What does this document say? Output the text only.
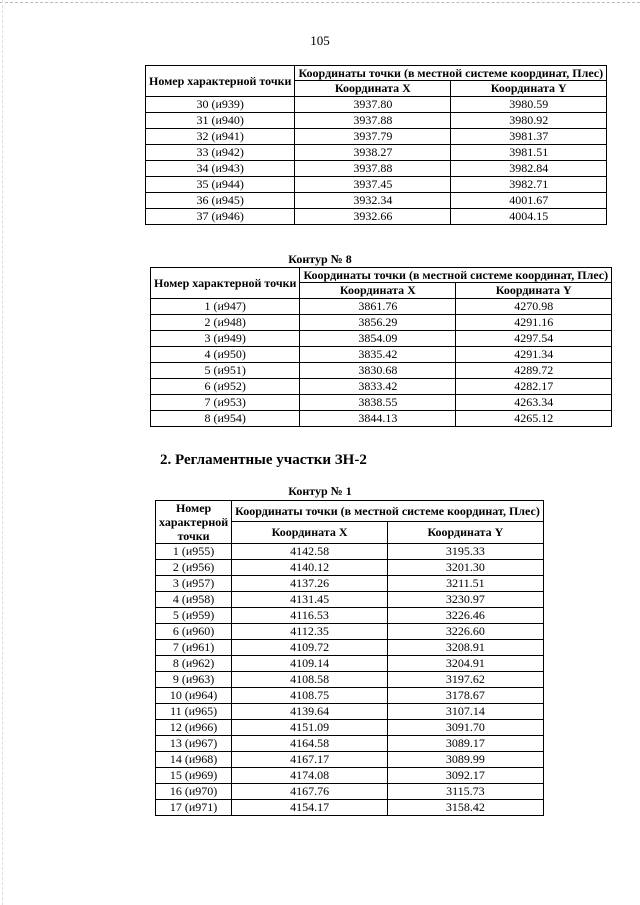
105
Номер характерной точки	Координаты точки (в местной системе координат, Плес)	
	Координата X	Координата Y
30 (и939)	3937.80	3980.59
31 (и940)	3937.88	3980.92
32 (и941)	3937.79	3981.37
33 (и942)	3938.27	3981.51
34 (и943)	3937.88	3982.84
35 (и944)	3937.45	3982.71
36 (и945)	3932.34	4001.67
37 (и946)	3932.66	4004.15
Контур № 8
Номер характерной точки	Координаты точки (в местной системе координат, Плес)	
	Координата X	Координата Y
1 (и947)	3861.76	4270.98
2 (и948)	3856.29	4291.16
3 (и949)	3854.09	4297.54
4 (и950)	3835.42	4291.34
5 (и951)	3830.68	4289.72
6 (и952)	3833.42	4282.17
7 (и953)	3838.55	4263.34
8 (и954)	3844.13	4265.12
2. Регламентные участки ЗН-2
Контур № 1
Номер
характерной
точки	Координаты точки (в местной системе координат, Плес)	
	Координата X	Координата Y
1 (и955)	4142.58	3195.33
2 (и956)	4140.12	3201.30
3 (и957)	4137.26	3211.51
4 (и958)	4131.45	3230.97
5 (и959)	4116.53	3226.46
6 (и960)	4112.35	3226.60
7 (и961)	4109.72	3208.91
8 (и962)	4109.14	3204.91
9 (и963)	4108.58	3197.62
10 (и964)	4108.75	3178.67
11 (и965)	4139.64	3107.14
12 (и966)	4151.09	3091.70
13 (и967)	4164.58	3089.17
14 (и968)	4167.17	3089.99
15 (и969)	4174.08	3092.17
16 (и970)	4167.76	3115.73
17 (и971)	4154.17	3158.42
